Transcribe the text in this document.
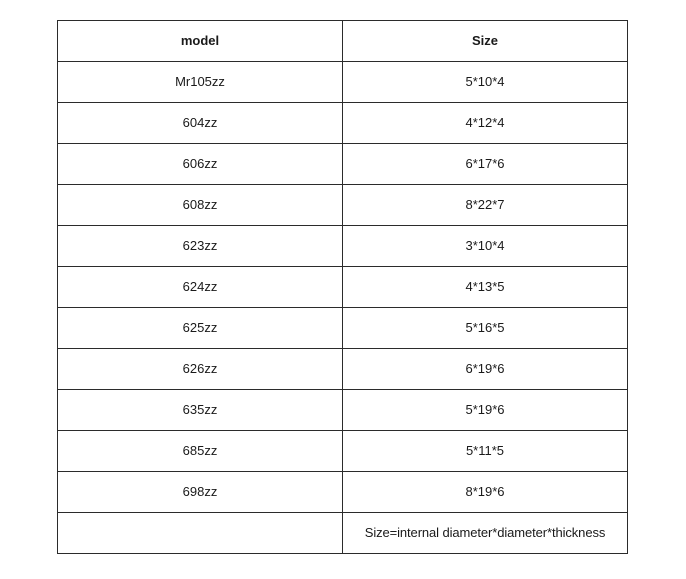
model	Size
Mr105zz	5*10*4
604zz	4*12*4
606zz	6*17*6
608zz	8*22*7
623zz	3*10*4
624zz	4*13*5
625zz	5*16*5
626zz	6*19*6
635zz	5*19*6
685zz	5*11*5
698zz	8*19*6
	Size=internal diameter*diameter*thickness
